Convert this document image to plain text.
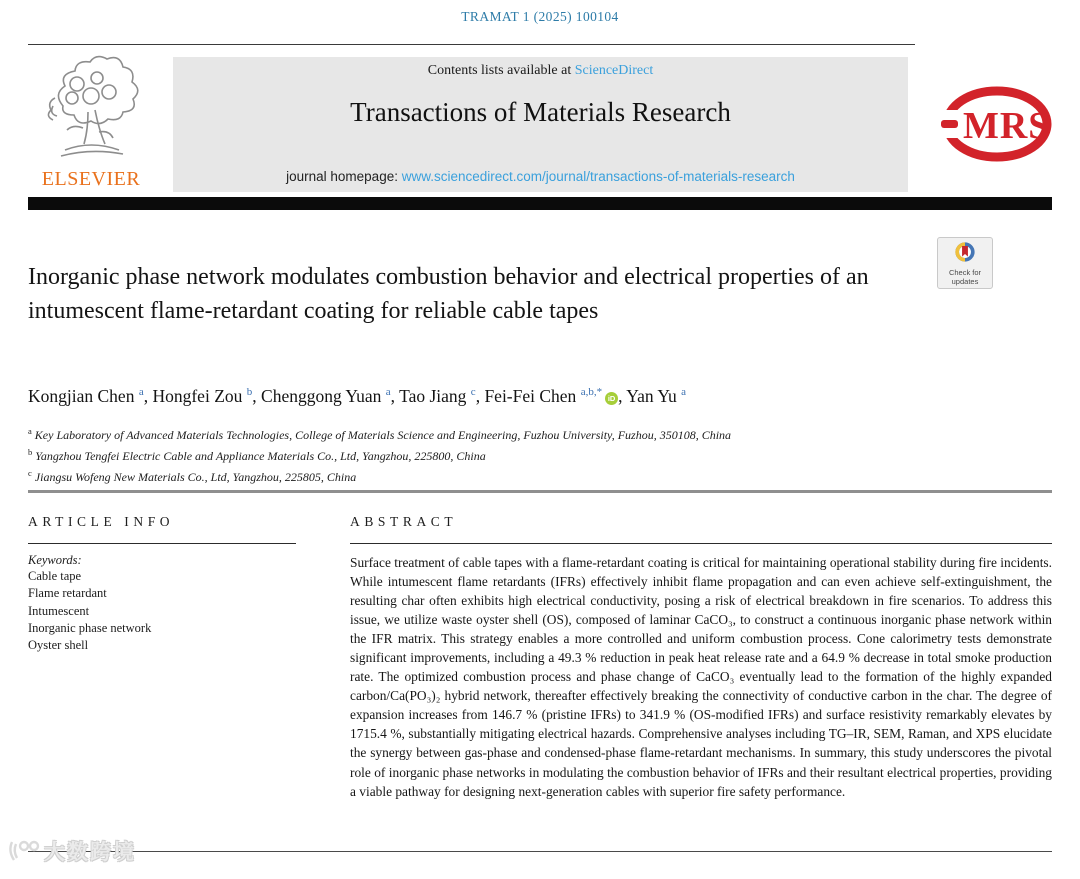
TRAMAT 1 (2025) 100104
ELSEVIER
Contents lists available at ScienceDirect
Transactions of Materials Research
journal homepage: www.sciencedirect.com/journal/transactions-of-materials-research
MRS
Check for
updates
Inorganic phase network modulates combustion behavior and electrical properties of an intumescent flame-retardant coating for reliable cable tapes
Kongjian Chen $^a$, Hongfei Zou $^b$, Chenggong Yuan $^a$, Tao Jiang $^c$, Fei-Fei Chen $^{a,b,*}$iD , Yan Yu $^a$
$^a$ Key Laboratory of Advanced Materials Technologies, College of Materials Science and Engineering, Fuzhou University, Fuzhou, 350108, China
$^b$ Yangzhou Tengfei Electric Cable and Appliance Materials Co., Ltd, Yangzhou, 225800, China
$^c$ Jiangsu Wofeng New Materials Co., Ltd, Yangzhou, 225805, China
ARTICLE INFO
Keywords:
Cable tape
Flame retardant
Intumescent
Inorganic phase network
Oyster shell
ABSTRACT
Surface treatment of cable tapes with a flame-retardant coating is critical for maintaining operational stability during fire incidents. While intumescent flame retardants (IFRs) effectively inhibit flame propagation and can even achieve self-extinguishment, the resulting char often exhibits high electrical conductivity, posing a risk of electrical breakdown in fire scenarios. To address this issue, we utilize waste oyster shell (OS), composed of laminar CaCO₃, to construct a continuous inorganic phase network within the IFR matrix. This strategy enables a more controlled and uniform combustion process. Cone calorimetry tests demonstrate significant improvements, including a 49.3 % reduction in peak heat release rate and a 64.9 % decrease in total smoke production rate. The optimized combustion process and phase change of CaCO₃ eventually lead to the formation of the highly expanded carbon/Ca(PO₃)₂ hybrid network, thereafter effectively breaking the connectivity of conductive carbon in the char. The degree of expansion increases from 146.7 % (pristine IFRs) to 341.9 % (OS-modified IFRs) and surface resistivity remarkably elevates by 1715.4 %, substantially mitigating electrical hazards. Comprehensive analyses including TG–IR, SEM, Raman, and XPS elucidate the synergy between gas-phase and condensed-phase flame-retardant mechanisms. In summary, this study underscores the pivotal role of inorganic phase networks in modulating the combustion behavior of IFRs and their resultant electrical properties, providing a viable pathway for designing next-generation cables with superior fire safety performance.
大数跨境
